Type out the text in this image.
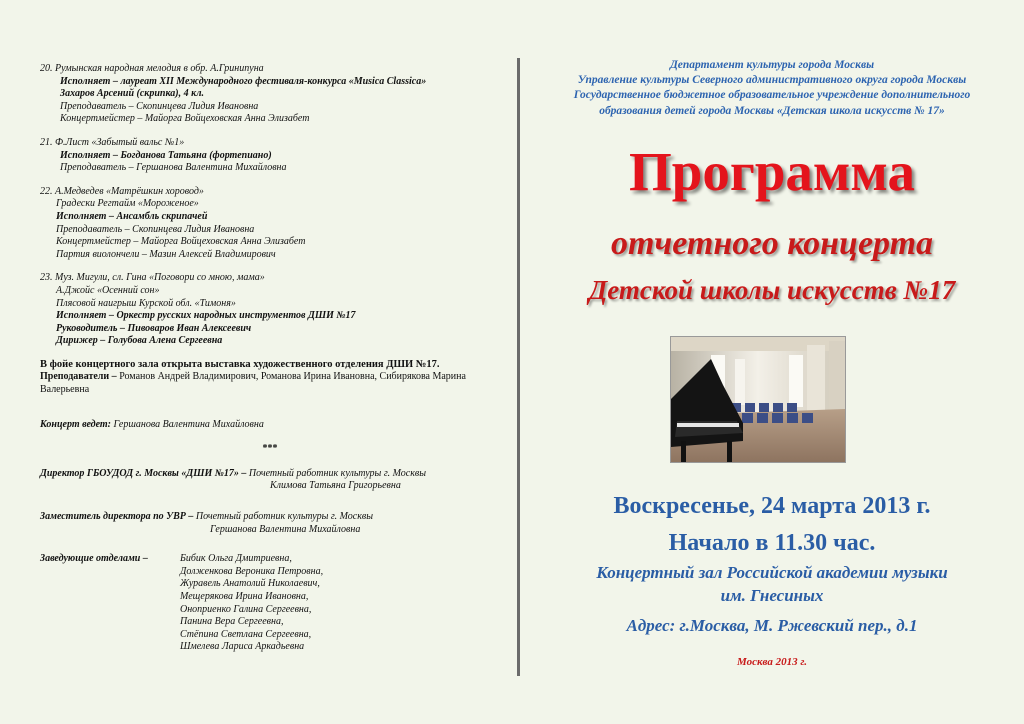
20. Румынская народная мелодия в обр. А.Гринипуна
Исполняет – лауреат XII Международного фестиваля-конкурса «Musica Classica»
Захаров Арсений (скрипка), 4 кл.
Преподаватель – Скопинцева Лидия Ивановна
Концертмейстер – Майорга Войцеховская Анна Элизабет
21. Ф.Лист «Забытый вальс №1»
Исполняет – Богданова Татьяна (фортепиано)
Преподаватель – Гершанова Валентина Михайловна
22. А.Медведев «Матрёшкин хоровод»
Градески Регтайм «Мороженое»
Исполняет – Ансамбль скрипачей
Преподаватель – Скопинцева Лидия Ивановна
Концертмейстер – Майорга Войцеховская Анна Элизабет
Партия виолончели – Мазин Алексей Владимирович
23. Муз. Мигули, сл. Гина «Поговори со мною, мама»
А.Джойс «Осенний сон»
Плясовой наигрыш Курской обл. «Тимоня»
Исполняет – Оркестр русских народных инструментов ДШИ №17
Руководитель – Пивоваров Иван Алексеевич
Дирижер – Голубова Алена Сергеевна
В фойе концертного зала открыта выставка художественного отделения ДШИ №17.
Преподаватели – Романов Андрей Владимирович, Романова Ирина Ивановна, Сибирякова Марина Валерьевна
Концерт ведет: Гершанова Валентина Михайловна
***
Директор ГБОУДОД г. Москвы «ДШИ №17» – Почетный работник культуры г. Москвы
Климова Татьяна Григорьевна
Заместитель директора по УВР – Почетный работник культуры г. Москвы
Гершанова Валентина Михайловна
Заведующие отделами –	Бибик Ольга Дмитриевна,
Долженкова Вероника Петровна,
Журавель Анатолий Николаевич,
Мещерякова Ирина Ивановна,
Оноприенко Галина Сергеевна,
Панина Вера Сергеевна,
Стёпина Светлана Сергеевна,
Шмелева Лариса Аркадьевна
Департамент культуры города Москвы
Управление культуры Северного административного округа города Москвы
Государственное бюджетное образовательное учреждение дополнительного
образования детей города Москвы «Детская школа искусств № 17»
Программа
отчетного концерта
Детской школы искусств №17
Воскресенье, 24 марта 2013 г.
Начало в 11.30 час.
Концертный зал Российской академии музыки
им. Гнесиных
Адрес: г.Москва, М. Ржевский пер., д.1
Москва 2013 г.
